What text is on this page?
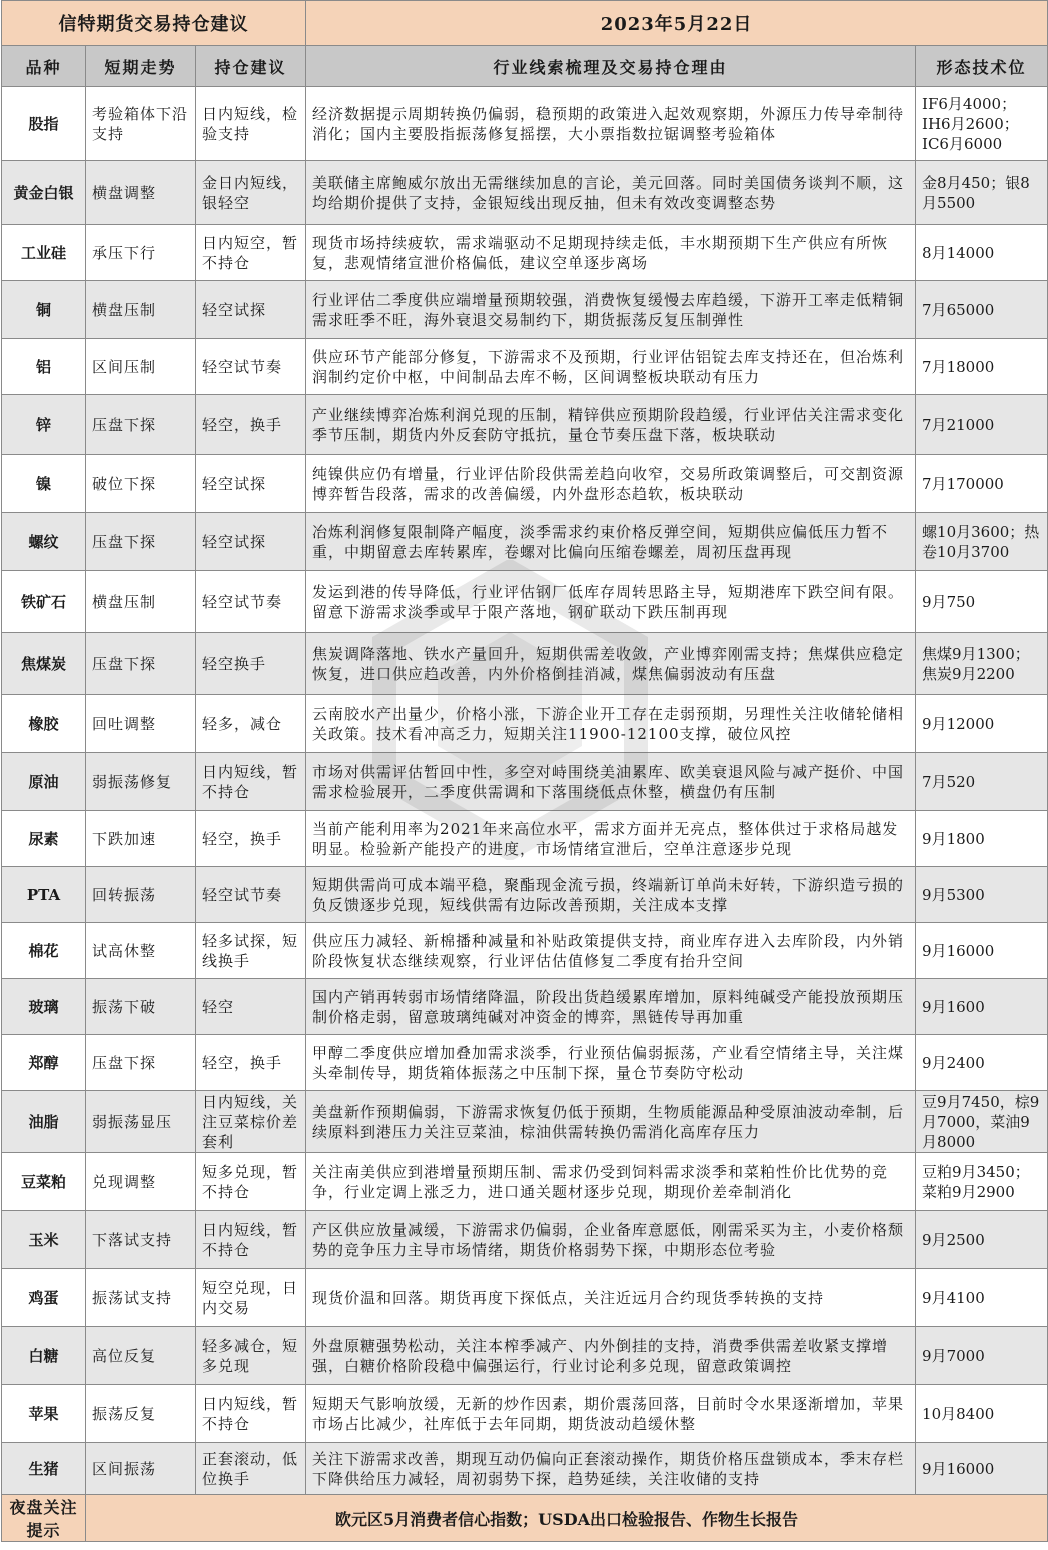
信特期货交易持仓建议			2023年5月22日	
品种	短期走势	持仓建议	行业线索梳理及交易持仓理由	形态技术位
股指	考验箱体下沿支持	日内短线，检验支持	经济数据提示周期转换仍偏弱，稳预期的政策进入起效观察期，外源压力传导牵制待消化；国内主要股指振荡修复摇摆，大小票指数拉锯调整考验箱体	IF6月4000；IH6月2600；IC6月6000
黄金白银	横盘调整	金日内短线，银轻空	美联储主席鲍威尔放出无需继续加息的言论，美元回落。同时美国债务谈判不顺，这均给期价提供了支持，金银短线出现反抽，但未有效改变调整态势	金8月450；银8月5500
工业硅	承压下行	日内短空，暂不持仓	现货市场持续疲软，需求端驱动不足期现持续走低，丰水期预期下生产供应有所恢复，悲观情绪宣泄价格偏低，建议空单逐步离场	8月14000
铜	横盘压制	轻空试探	行业评估二季度供应端增量预期较强，消费恢复缓慢去库趋缓，下游开工率走低精铜需求旺季不旺，海外衰退交易制约下，期货振荡反复压制弹性	7月65000
铝	区间压制	轻空试节奏	供应环节产能部分修复，下游需求不及预期，行业评估铝锭去库支持还在，但冶炼利润制约定价中枢，中间制品去库不畅，区间调整板块联动有压力	7月18000
锌	压盘下探	轻空，换手	产业继续博弈冶炼利润兑现的压制，精锌供应预期阶段趋缓，行业评估关注需求变化季节压制，期货内外反套防守抵抗，量仓节奏压盘下落，板块联动	7月21000
镍	破位下探	轻空试探	纯镍供应仍有增量，行业评估阶段供需差趋向收窄，交易所政策调整后，可交割资源博弈暂告段落，需求的改善偏缓，内外盘形态趋软，板块联动	7月170000
螺纹	压盘下探	轻空试探	冶炼利润修复限制降产幅度，淡季需求约束价格反弹空间，短期供应偏低压力暂不重，中期留意去库转累库，卷螺对比偏向压缩卷螺差，周初压盘再现	螺10月3600；热卷10月3700
铁矿石	横盘压制	轻空试节奏	发运到港的传导降低，行业评估钢厂低库存周转思路主导，短期港库下跌空间有限。留意下游需求淡季或早于限产落地，钢矿联动下跌压制再现	9月750
焦煤炭	压盘下探	轻空换手	焦炭调降落地、铁水产量回升，短期供需差收敛，产业博弈刚需支持；焦煤供应稳定恢复，进口供应趋改善，内外价格倒挂消减，煤焦偏弱波动有压盘	焦煤9月1300；焦炭9月2200
橡胶	回吐调整	轻多，减仓	云南胶水产出量少，价格小涨，下游企业开工存在走弱预期，另理性关注收储轮储相关政策。技术看冲高乏力，短期关注11900-12100支撑，破位风控	9月12000
原油	弱振荡修复	日内短线，暂不持仓	市场对供需评估暂回中性，多空对峙围绕美油累库、欧美衰退风险与减产挺价、中国需求检验展开，二季度供需调和下落围绕低点休整，横盘仍有压制	7月520
尿素	下跌加速	轻空，换手	当前产能利用率为2021年来高位水平，需求方面并无亮点，整体供过于求格局越发明显。检验新产能投产的进度，市场情绪宣泄后，空单注意逐步兑现	9月1800
PTA	回转振荡	轻空试节奏	短期供需尚可成本端平稳，聚酯现金流亏损，终端新订单尚未好转，下游织造亏损的负反馈逐步兑现，短线供需有边际改善预期，关注成本支撑	9月5300
棉花	试高休整	轻多试探，短线换手	供应压力减轻、新棉播种减量和补贴政策提供支持，商业库存进入去库阶段，内外销阶段恢复状态继续观察，行业评估估值修复二季度有抬升空间	9月16000
玻璃	振荡下破	轻空	国内产销再转弱市场情绪降温，阶段出货趋缓累库增加，原料纯碱受产能投放预期压制价格走弱，留意玻璃纯碱对冲资金的博弈，黑链传导再加重	9月1600
郑醇	压盘下探	轻空，换手	甲醇二季度供应增加叠加需求淡季，行业预估偏弱振荡，产业看空情绪主导，关注煤头牵制传导，期货箱体振荡之中压制下探，量仓节奏防守松动	9月2400
油脂	弱振荡显压	日内短线，关注豆菜棕价差套利	美盘新作预期偏弱，下游需求恢复仍低于预期，生物质能源品种受原油波动牵制，后续原料到港压力关注豆菜油，棕油供需转换仍需消化高库存压力	豆9月7450，棕9月7000，菜油9月8000
豆菜粕	兑现调整	短多兑现，暂不持仓	关注南美供应到港增量预期压制、需求仍受到饲料需求淡季和菜粕性价比优势的竞争，行业定调上涨乏力，进口通关题材逐步兑现，期现价差牵制消化	豆粕9月3450；菜粕9月2900
玉米	下落试支持	日内短线，暂不持仓	产区供应放量减缓，下游需求仍偏弱，企业备库意愿低，刚需采买为主，小麦价格颓势的竞争压力主导市场情绪，期货价格弱势下探，中期形态位考验	9月2500
鸡蛋	振荡试支持	短空兑现，日内交易	现货价温和回落。期货再度下探低点，关注近远月合约现货季转换的支持	9月4100
白糖	高位反复	轻多减仓，短多兑现	外盘原糖强势松动，关注本榨季减产、内外倒挂的支持，消费季供需差收紧支撑增强，白糖价格阶段稳中偏强运行，行业讨论利多兑现，留意政策调控	9月7000
苹果	振荡反复	日内短线，暂不持仓	短期天气影响放缓，无新的炒作因素，期价震荡回落，目前时令水果逐渐增加，苹果市场占比减少，社库低于去年同期，期货波动趋缓休整	10月8400
生猪	区间振荡	正套滚动，低位换手	关注下游需求改善，期现互动仍偏向正套滚动操作，期货价格压盘锁成本，季末存栏下降供给压力减轻，周初弱势下探，趋势延续，关注收储的支持	9月16000
夜盘关注提示	欧元区5月消费者信心指数；USDA出口检验报告、作物生长报告			
